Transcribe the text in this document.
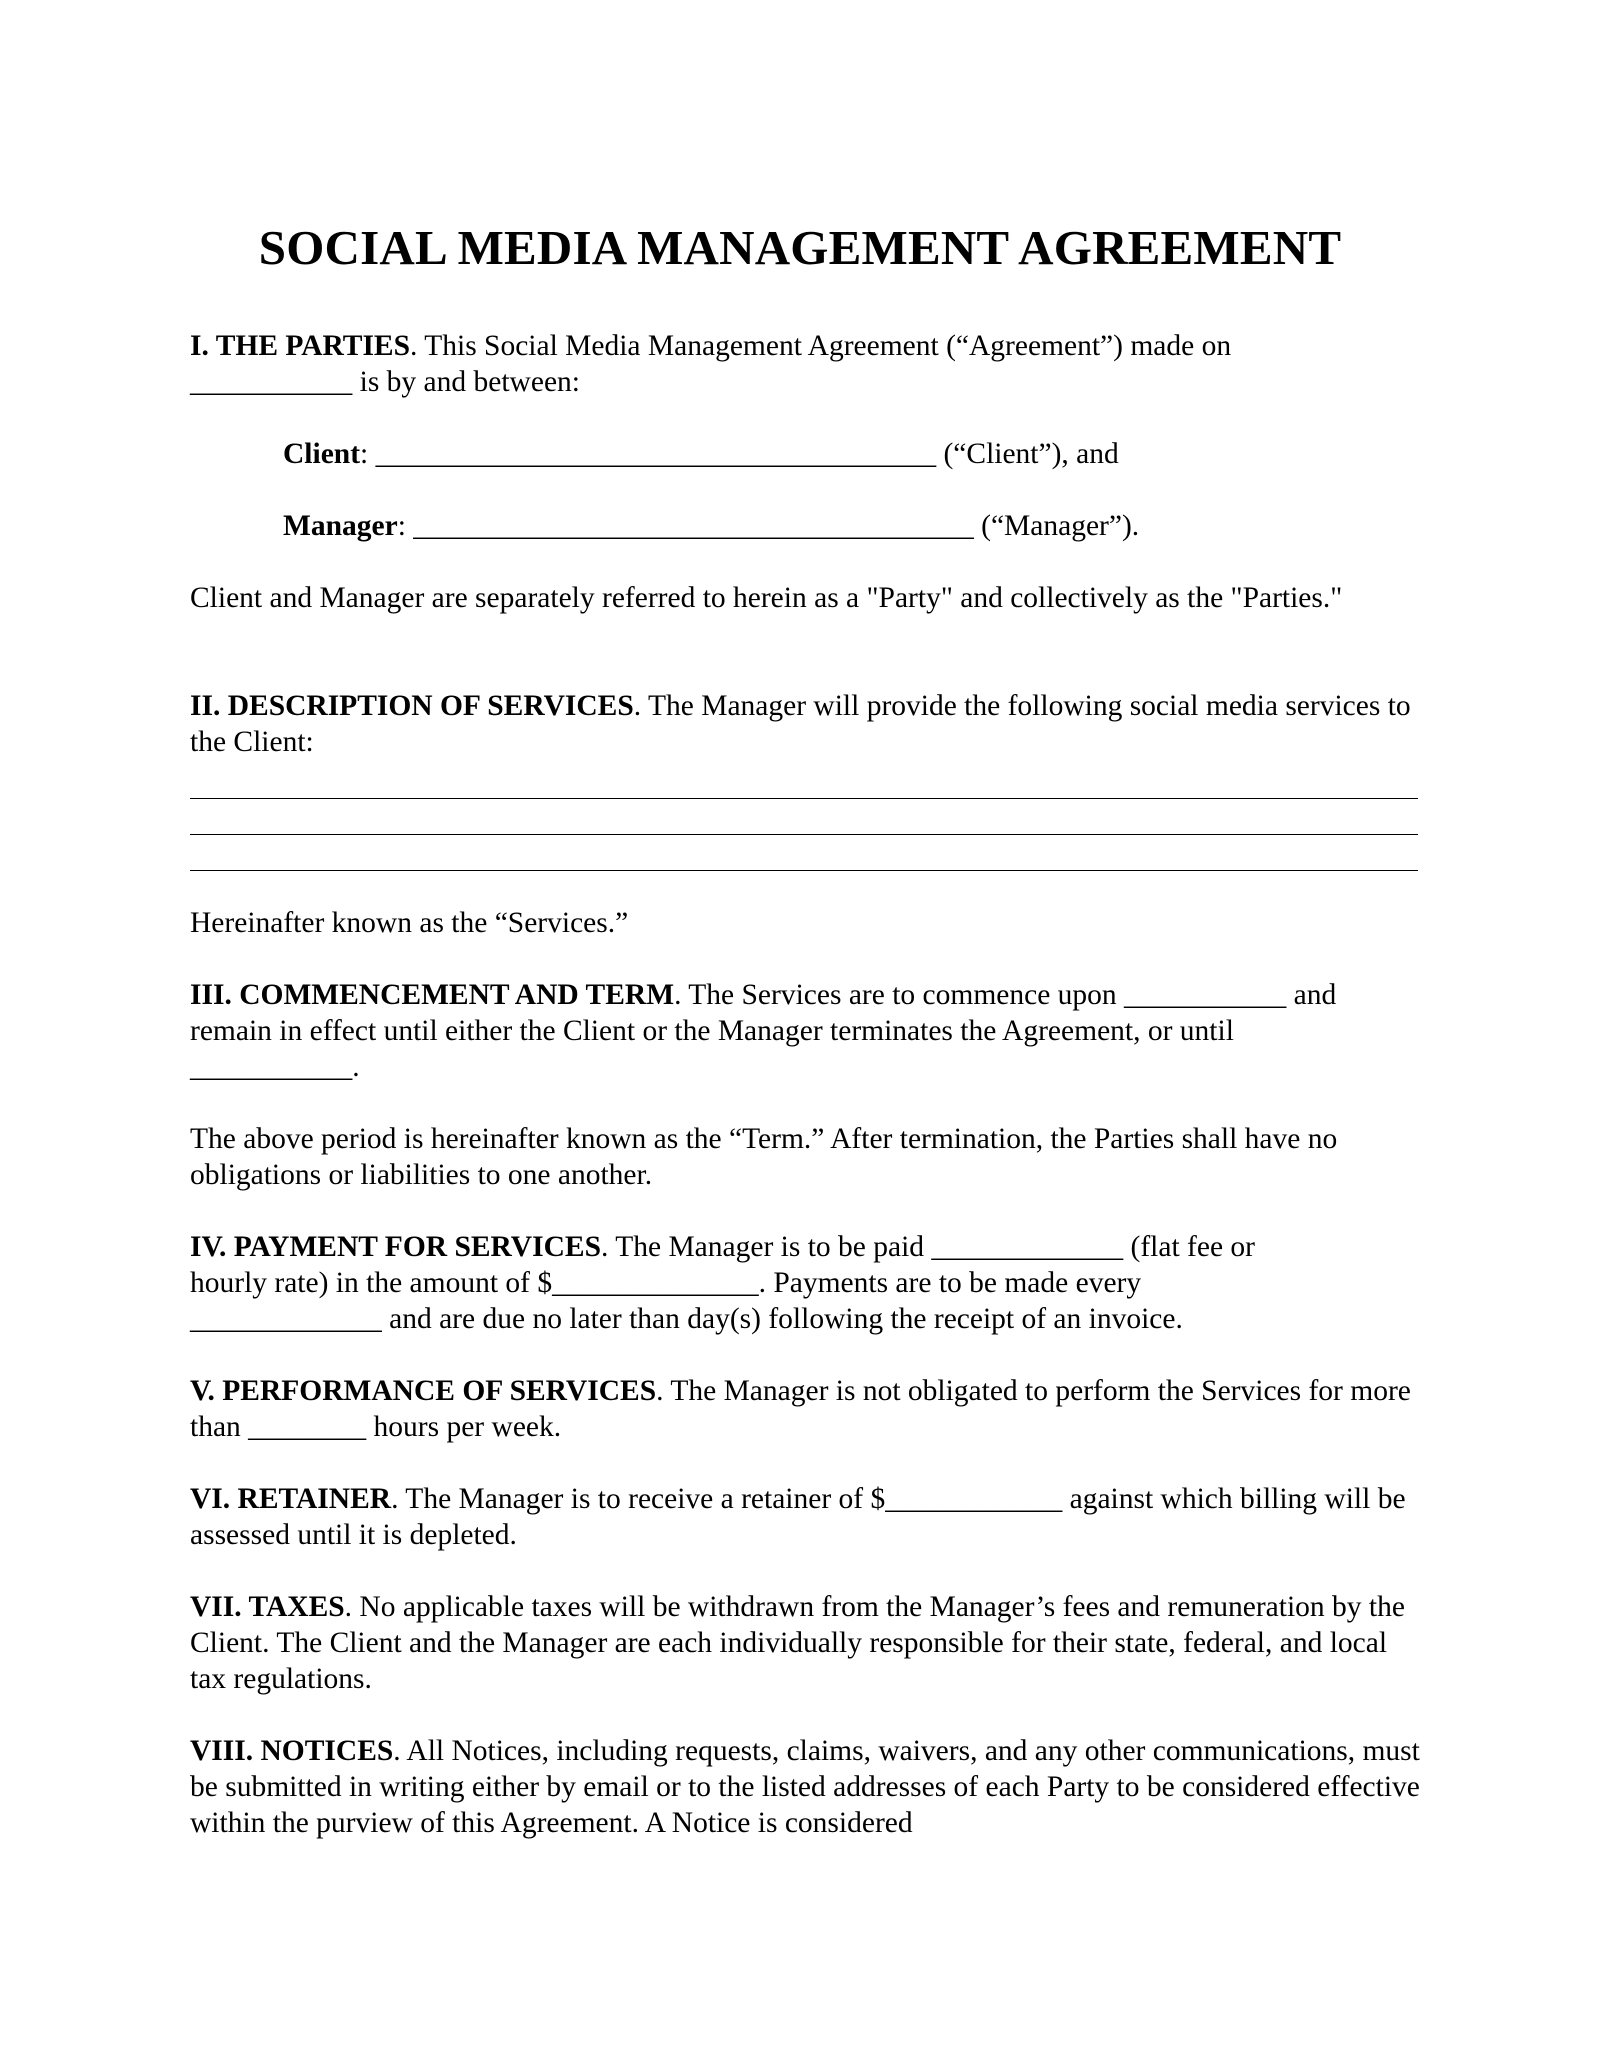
SOCIAL MEDIA MANAGEMENT AGREEMENT

I. THE PARTIES. This Social Media Management Agreement (“Agreement”) made on
___________ is by and between:

Client: ______________________________________ (“Client”), and

Manager: ______________________________________ (“Manager”).

Client and Manager are separately referred to herein as a "Party" and collectively as the "Parties."

II. DESCRIPTION OF SERVICES. The Manager will provide the following social media services to the Client:

Hereinafter known as the “Services.”

III. COMMENCEMENT AND TERM. The Services are to commence upon ___________ and remain in effect until either the Client or the Manager terminates the Agreement, or until
___________.

The above period is hereinafter known as the “Term.” After termination, the Parties shall have no obligations or liabilities to one another.

IV. PAYMENT FOR SERVICES. The Manager is to be paid _____________ (flat fee or
hourly rate) in the amount of $______________. Payments are to be made every
_____________ and are due no later than day(s) following the receipt of an invoice.

V. PERFORMANCE OF SERVICES. The Manager is not obligated to perform the Services for more than ________ hours per week.

VI. RETAINER. The Manager is to receive a retainer of $____________ against which billing will be assessed until it is depleted.

VII. TAXES. No applicable taxes will be withdrawn from the Manager’s fees and remuneration by the Client. The Client and the Manager are each individually responsible for their state, federal, and local tax regulations.

VIII. NOTICES. All Notices, including requests, claims, waivers, and any other communications, must be submitted in writing either by email or to the listed addresses of each Party to be considered effective within the purview of this Agreement. A Notice is considered
